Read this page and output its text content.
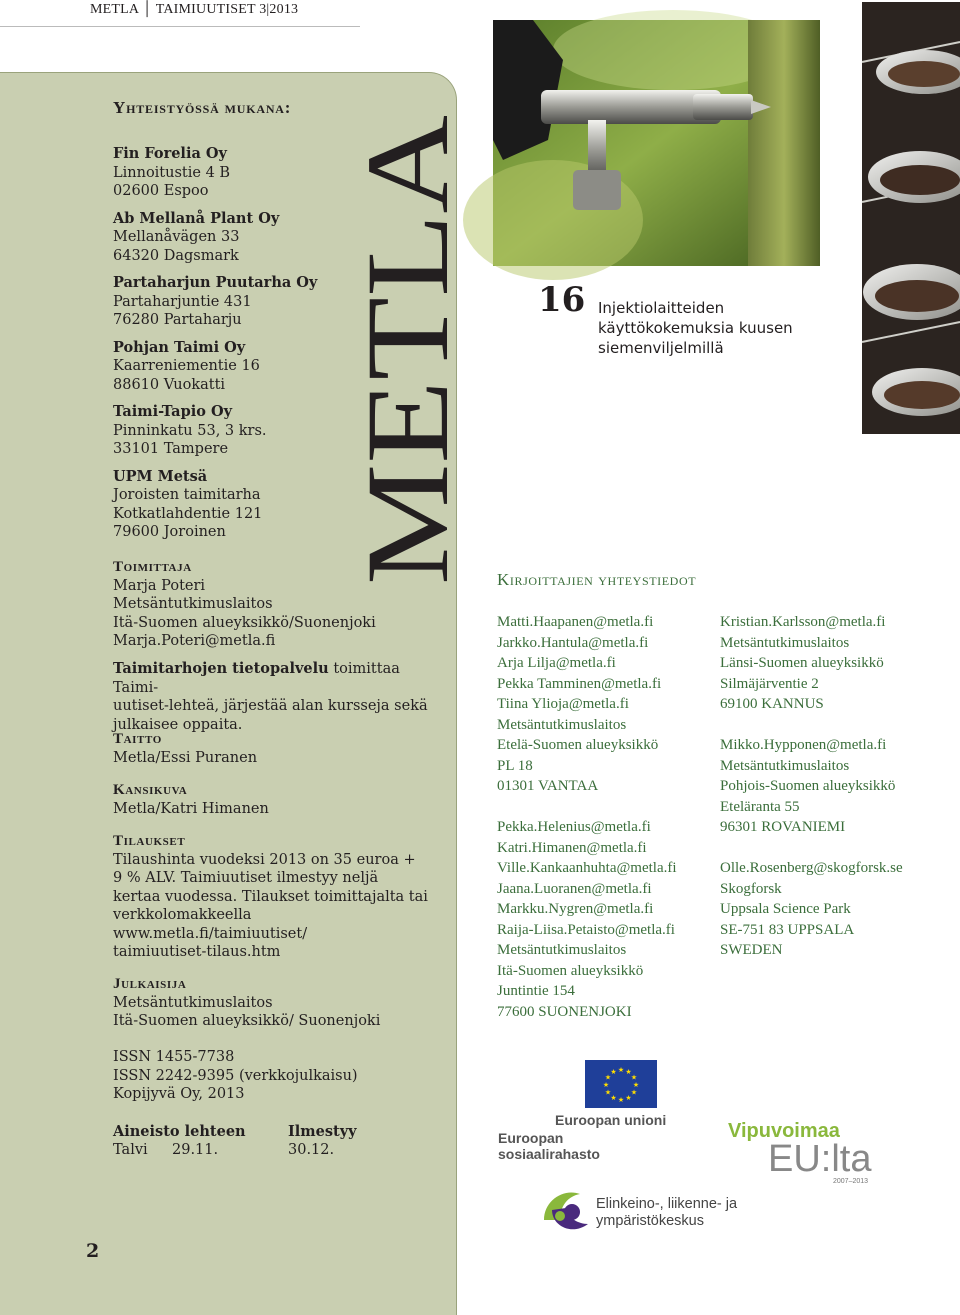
METLA │ TAIMIUUTISET 3|2013
METLA
Yhteistyössä mukana:
Fin Forelia Oy
Linnoitustie 4 B
02600 Espoo
Ab Mellanå Plant Oy
Mellanåvägen 33
64320 Dagsmark
Partaharjun Puutarha Oy
Partaharjuntie 431
76280 Partaharju
Pohjan Taimi Oy
Kaarreniementie 16
88610 Vuokatti
Taimi-Tapio Oy
Pinninkatu 53, 3 krs.
33101 Tampere
UPM Metsä
Joroisten taimitarha
Kotkatlahdentie 121
79600 Joroinen
Toimittaja
Marja Poteri
Metsäntutkimuslaitos
Itä-Suomen alueyksikkö/Suonenjoki
Marja.Poteri@metla.fi
Taimitarhojen tietopalvelu toimittaa Taimi-
uutiset-lehteä, järjestää alan kursseja sekä
julkaisee oppaita.
Taitto
Metla/Essi Puranen
Kansikuva
Metla/Katri Himanen
Tilaukset
Tilaushinta vuodeksi 2013 on 35 euroa +
9 % ALV. Taimiuutiset ilmestyy neljä
kertaa vuodessa. Tilaukset toimittajalta tai
verkkolomakkeella
www.metla.fi/taimiuutiset/
taimiuutiset-tilaus.htm
Julkaisija
Metsäntutkimuslaitos
Itä-Suomen alueyksikkö/ Suonenjoki
ISSN 1455-7738
ISSN 2242-9395 (verkkojulkaisu)
Kopijyvä Oy, 2013
Aineisto lehteen	Ilmestyy
Talvi 29.11.	30.12.
2
16 Injektiolaitteiden
käyttökokemuksia kuusen
siemenviljelmillä
Kirjoittajien yhteystiedot
Matti.Haapanen@metla.fi
Jarkko.Hantula@metla.fi
Arja Lilja@metla.fi
Pekka Tamminen@metla.fi
Tiina Ylioja@metla.fi
Metsäntutkimuslaitos
Etelä-Suomen alueyksikkö
PL 18
01301 VANTAA
Pekka.Helenius@metla.fi
Katri.Himanen@metla.fi
Ville.Kankaanhuhta@metla.fi
Jaana.Luoranen@metla.fi
Markku.Nygren@metla.fi
Raija-Liisa.Petaisto@metla.fi
Metsäntutkimuslaitos
Itä-Suomen alueyksikkö
Juntintie 154
77600 SUONENJOKI
Kristian.Karlsson@metla.fi
Metsäntutkimuslaitos
Länsi-Suomen alueyksikkö
Silmäjärventie 2
69100 KANNUS
Mikko.Hypponen@metla.fi
Metsäntutkimuslaitos
Pohjois-Suomen alueyksikkö
Eteläranta 55
96301 ROVANIEMI
Olle.Rosenberg@skogforsk.se
Skogforsk
Uppsala Science Park
SE-751 83 UPPSALA
SWEDEN
★
★
★
★
★
★
★
★
★ ★ ★
★
Euroopan unioni
Euroopan sosiaalirahasto
Vipuvoimaa
EU:lta
2007–2013
Elinkeino-, liikenne- ja
ympäristökeskus
